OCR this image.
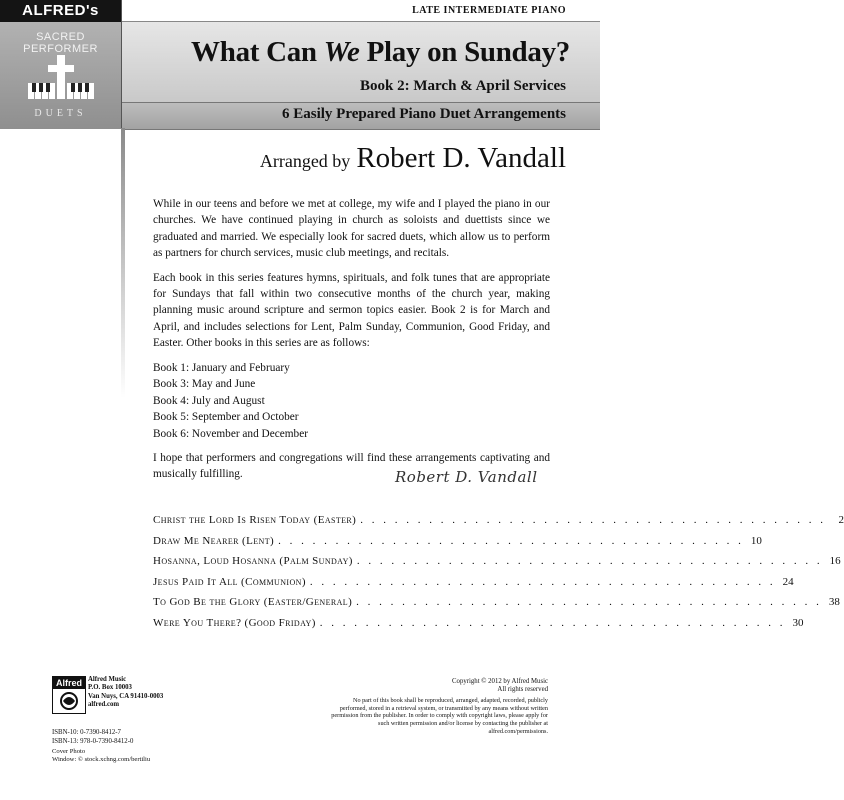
ALFRED's
SACRED PERFORMER
DUETS
LATE INTERMEDIATE PIANO
What Can We Play on Sunday?
Book 2: March & April Services
6 Easily Prepared Piano Duet Arrangements
Arranged by Robert D. Vandall

While in our teens and before we met at college, my wife and I played the piano in our churches. We have continued playing in church as soloists and duettists since we graduated and married. We especially look for sacred duets, which allow us to perform as partners for church services, music club meetings, and recitals.

Each book in this series features hymns, spirituals, and folk tunes that are appropriate for Sundays that fall within two consecutive months of the church year, making planning music around scripture and sermon topics easier. Book 2 is for March and April, and includes selections for Lent, Palm Sunday, Communion, Good Friday, and Easter. Other books in this series are as follows:

Book 1: January and February
Book 3: May and June
Book 4: July and August
Book 5: September and October
Book 6: November and December

I hope that performers and congregations will find these arrangements captivating and musically fulfilling.	Robert D. Vandall
Christ the Lord Is Risen Today (Easter) . . . . . . . . . . . . . . . . . . . . . . . . . . . . . . . . . . . . . . . . .	2
Draw Me Nearer (Lent) . . . . . . . . . . . . . . . . . . . . . . . . . . . . . . . . . . . . . . . . . 10
Hosanna, Loud Hosanna (Palm Sunday) . . . . . . . . . . . . . . . . . . . . . . . . . . . . . . . . . . . . . . . . . 16
Jesus Paid It All (Communion) . . . . . . . . . . . . . . . . . . . . . . . . . . . . . . . . . . . . . . . . . 24
To God Be the Glory (Easter/General) . . . . . . . . . . . . . . . . . . . . . . . . . . . . . . . . . . . . . . . . . 38
Were You There? (Good Friday) . . . . . . . . . . . . . . . . . . . . . . . . . . . . . . . . . . . . . . . . . 30
Alfred Alfred Music
P.O. Box 10003
Van Nuys, CA 91410-0003
alfred.com
ISBN-10: 0-7390-8412-7
ISBN-13: 978-0-7390-8412-0
Cover Photo
Window: © stock.xchng.com/bertiliu
Copyright © 2012 by Alfred Music
All rights reserved
No part of this book shall be reproduced, arranged, adapted, recorded, publicly performed, stored in a retrieval system, or transmitted by any means without written permission from the publisher. In order to comply with copyright laws, please apply for such written permission and/or license by contacting the publisher at alfred.com/permissions.
